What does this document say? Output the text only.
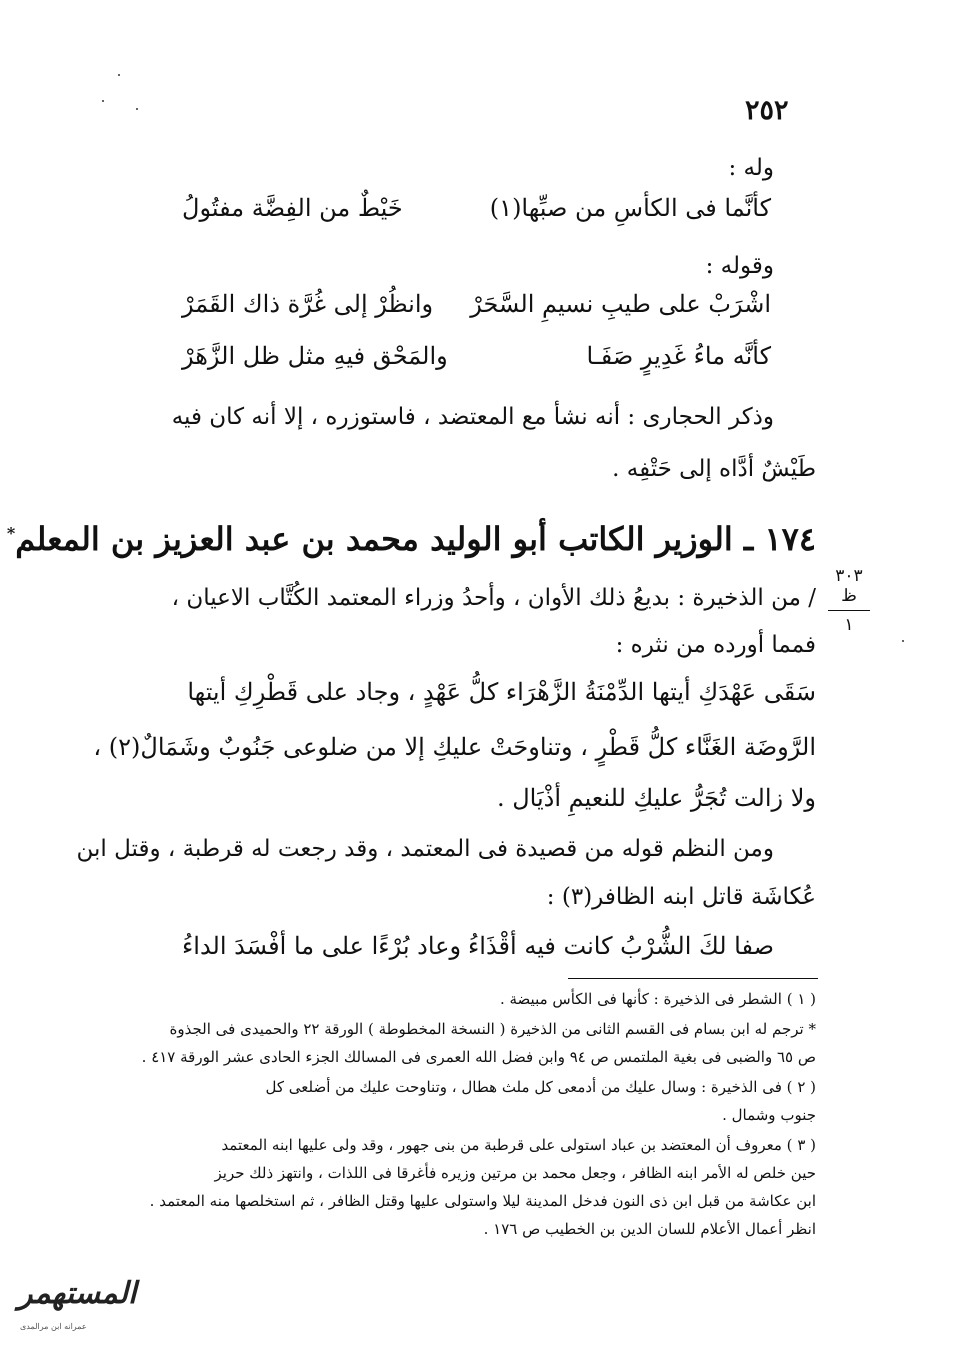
٢٥٢
وله :
كأنَّما فى الكأسِ من صبِّها(١)
خَيْطٌ من الفِضَّة مفتُولُ
وقوله :
اشْرَبْ على طيبِ نسيمِ السَّحَرْ
وانظُرْ إلى غُرَّة ذاك القَمَرْ
كأنَّه ماءُ غَدِيرٍ صَفَـا
والمَحْق فيهِ مثل ظل الزَّهَرْ
وذكر الحجارى : أنه نشأ مع المعتضد ، فاستوزره ، إلا أنه كان فيه
طَيْشٌ أدَّاه إلى حَتْفِه .
١٧٤ ـ الوزير الكاتب أبو الوليد محمد بن عبد العزيز بن المعلم*
٣٠٣ ظ
١
/ من الذخيرة : بديعُ ذلك الأوان ، وأحدُ وزراء المعتمد الكُتَّاب الاعيان ،
فمما أورده من نثره :
سَقَى عَهْدَكِ أيتها الدِّمْنَةُ الزَّهْرَاء كلُّ عَهْدٍ ، وجاد على قَطْرِكِ أيتها
الرَّوضَة الغَنَّاء كلُّ قَطْرٍ ، وتناوحَتْ عليكِ إلا من ضلوعى جَنُوبٌ وشَمَالٌ(٢) ،
ولا زالت تُجَرُّ عليكِ للنعيمِ أذْيَال .
ومن النظم قوله من قصيدة فى المعتمد ، وقد رجعت له قرطبة ، وقتل ابن
عُكاشَة قاتل ابنه الظافر(٣) :
صفا لكَ الشُّرْبُ كانت فيه أقْذَاءُ
وعاد بُرْءًا على ما أفْسَدَ الداءُ
( ١ ) الشطر فى الذخيرة : كأنها فى الكأس مبيضة .
* ترجم له ابن بسام فى القسم الثانى من الذخيرة ( النسخة المخطوطة ) الورقة ٢٢ والحميدى فى الجذوة
ص ٦٥ والضبى فى بغية الملتمس ص ٩٤ وابن فضل الله العمرى فى المسالك الجزء الحادى عشر الورقة ٤١٧ .
( ٢ ) فى الذخيرة : وسال عليك من أدمعى كل ملث هطال ، وتناوحت عليك من أضلعى كل
جنوب وشمال .
( ٣ ) معروف أن المعتضد بن عباد استولى على قرطبة من بنى جهور ، وقد ولى عليها ابنه المعتمد
حين خلص له الأمر ابنه الظافر ، وجعل محمد بن مرتين وزيره فأغرقا فى اللذات ، وانتهز ذلك حريز
ابن عكاشة من قبل ابن ذى النون فدخل المدينة ليلا واستولى عليها وقتل الظافر ، ثم استخلصها منه المعتمد .
انظر أعمال الأعلام للسان الدين بن الخطيب ص ١٧٦ .
المستهمر
عمرانه ابن مرالمدى
